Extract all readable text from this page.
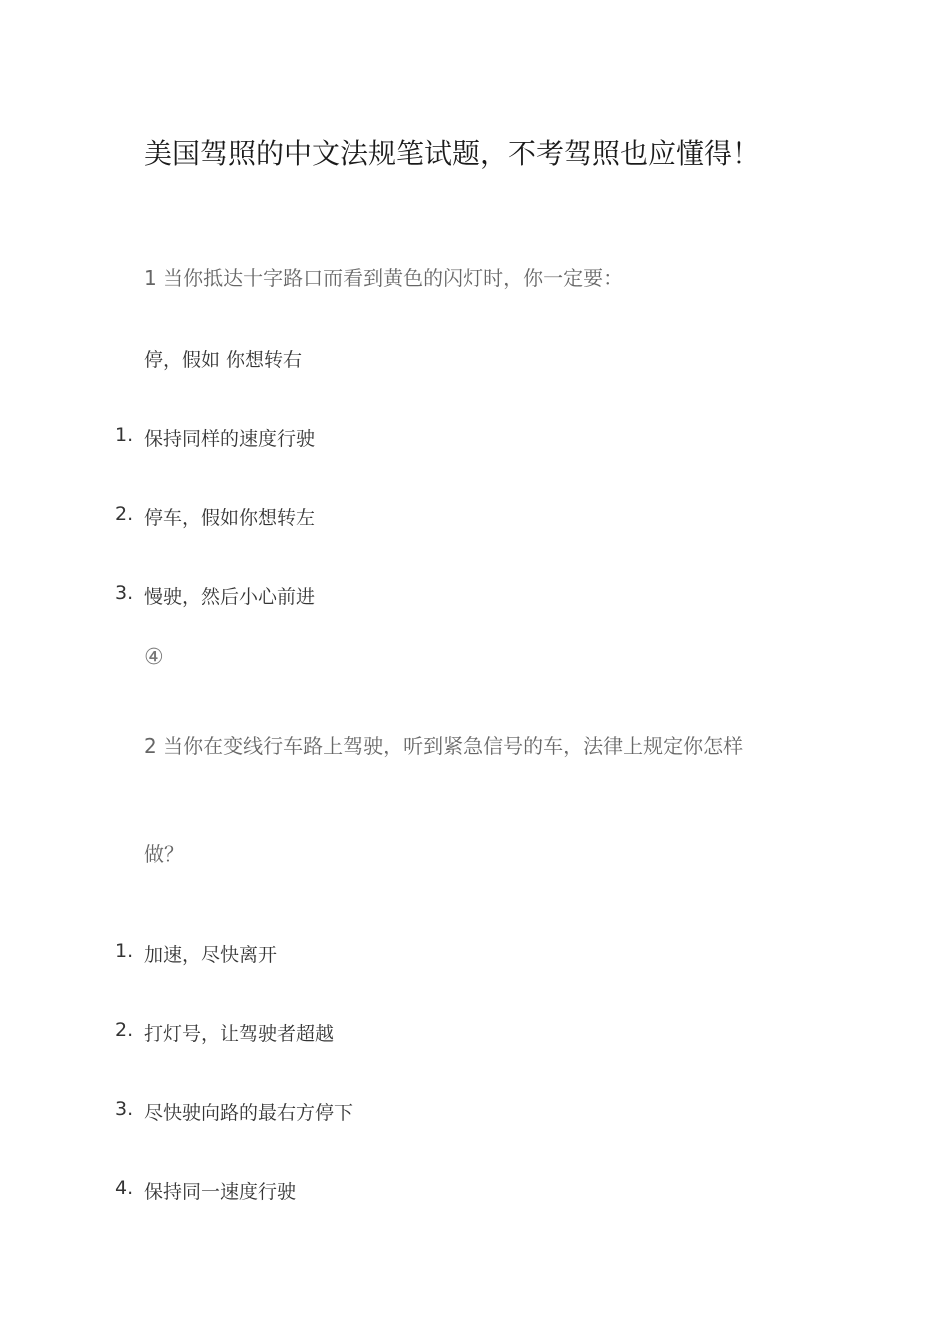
美国驾照的中文法规笔试题，不考驾照也应懂得！
1 当你抵达十字路口而看到黄色的闪灯时，你一定要：
停，假如 你想转右
1. 保持同样的速度行驶
2. 停车，假如你想转左
3. 慢驶，然后小心前进
④
2 当你在变线行车路上驾驶，听到紧急信号的车，法律上规定你怎样
做？
1. 加速，尽快离开
2. 打灯号，让驾驶者超越
3. 尽快驶向路的最右方停下
4. 保持同一速度行驶
